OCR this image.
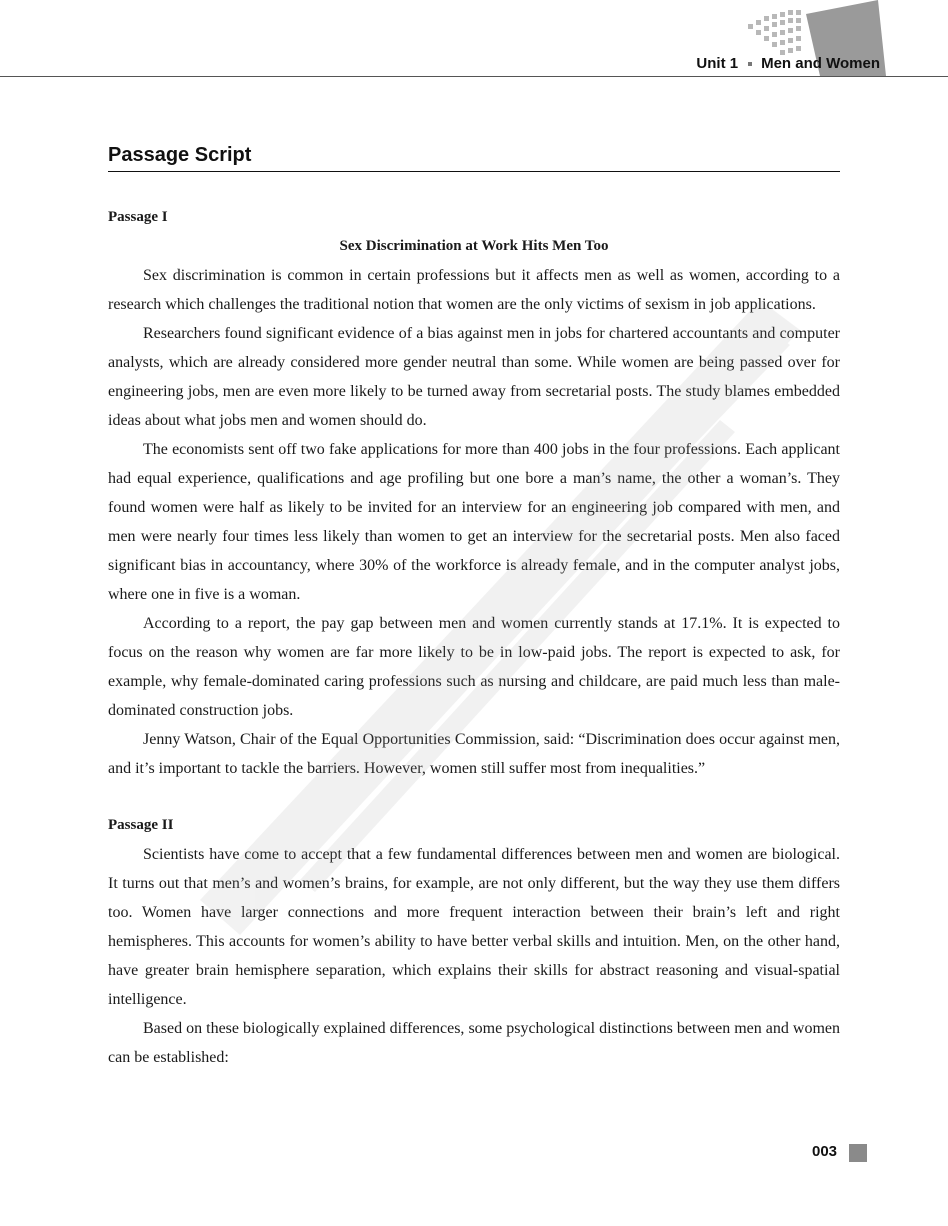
Unit 1 Men and Women
Passage Script
Passage I
Sex Discrimination at Work Hits Men Too

Sex discrimination is common in certain professions but it affects men as well as women, according to a research which challenges the traditional notion that women are the only victims of sexism in job applications.

Researchers found significant evidence of a bias against men in jobs for chartered accountants and computer analysts, which are already considered more gender neutral than some. While women are being passed over for engineering jobs, men are even more likely to be turned away from secretarial posts. The study blames embedded ideas about what jobs men and women should do.

The economists sent off two fake applications for more than 400 jobs in the four professions. Each applicant had equal experience, qualifications and age profiling but one bore a man’s name, the other a woman’s. They found women were half as likely to be invited for an interview for an engineering job compared with men, and men were nearly four times less likely than women to get an interview for the secretarial posts. Men also faced significant bias in accountancy, where 30% of the workforce is already female, and in the computer analyst jobs, where one in five is a woman.

According to a report, the pay gap between men and women currently stands at 17.1%. It is expected to focus on the reason why women are far more likely to be in low-paid jobs. The report is expected to ask, for example, why female-dominated caring professions such as nursing and childcare, are paid much less than male-dominated construction jobs.

Jenny Watson, Chair of the Equal Opportunities Commission, said: “Discrimination does occur against men, and it’s important to tackle the barriers. However, women still suffer most from inequalities.”

Passage II

Scientists have come to accept that a few fundamental differences between men and women are biological. It turns out that men’s and women’s brains, for example, are not only different, but the way they use them differs too. Women have larger connections and more frequent interaction between their brain’s left and right hemispheres. This accounts for women’s ability to have better verbal skills and intuition. Men, on the other hand, have greater brain hemisphere separation, which explains their skills for abstract reasoning and visual-spatial intelligence.

Based on these biologically explained differences, some psychological distinctions between men and women can be established:

003
